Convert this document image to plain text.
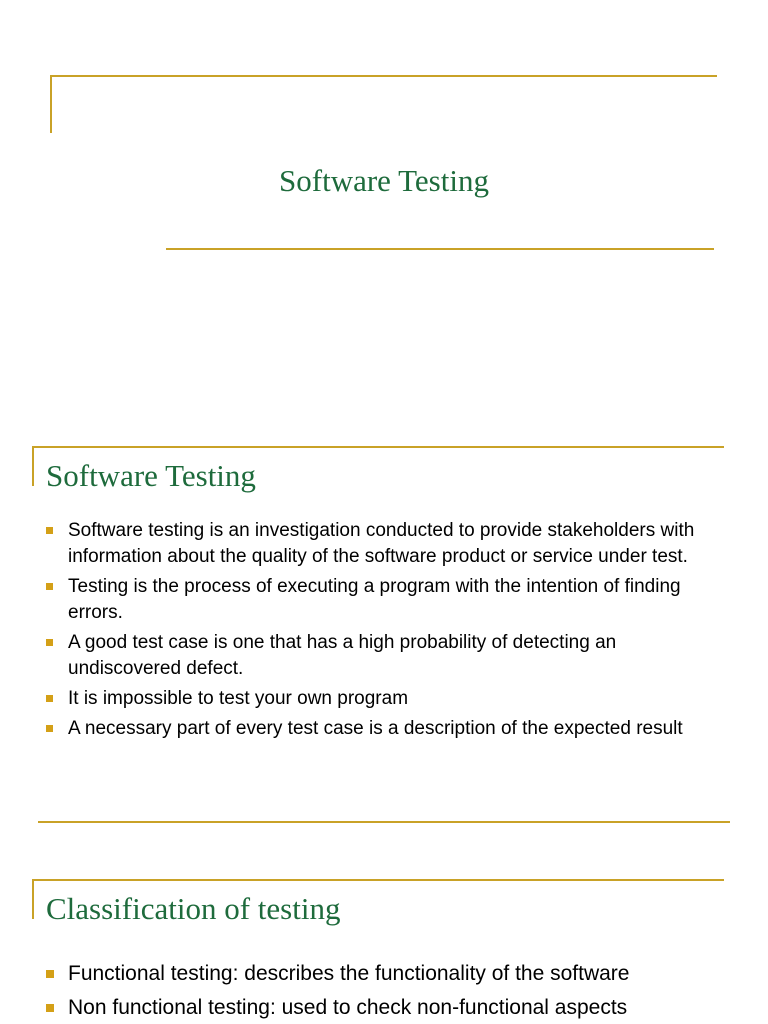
Software Testing
Software Testing
Software testing is an investigation conducted to provide stakeholders with information about the quality of the software product or service under test.
Testing is the process of executing a program with the intention of finding errors.
A good test case is one that has a high probability of detecting an undiscovered defect.
It is impossible to test your own program
A necessary part of every test case is a description of the expected result
Classification of testing
Functional testing: describes the functionality of the software
Non functional testing: used to check non-functional aspects
